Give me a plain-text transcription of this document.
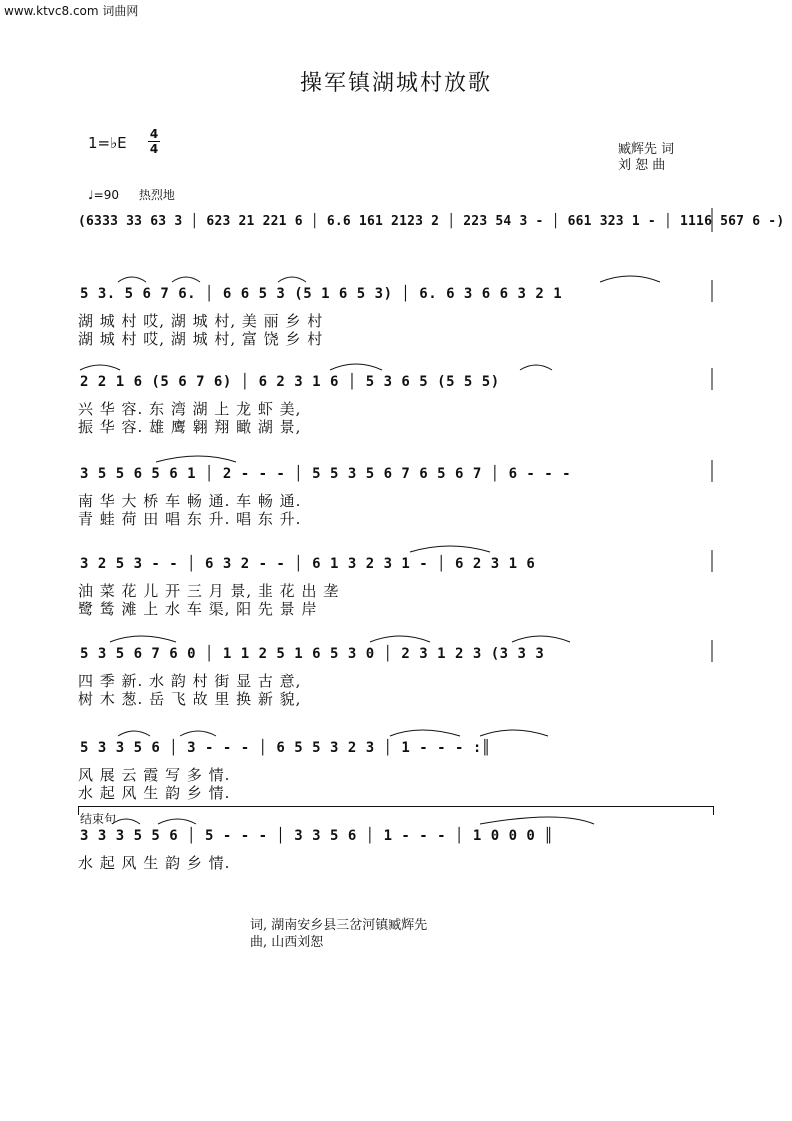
www.ktvc8.com 词曲网
操军镇湖城村放歌
1=♭E 4
4	臧辉先 词
刘 恕 曲
♩=90 热烈地
(6333 33 63 3 │ 623 21 221 6 │ 6.6 161 2123 2 │ 223 54 3 - │ 661 323 1 - │ 1116 567 6 -)
5 3. 5 6 7 6. │ 6 6 5 3 (5 1 6 5 3) │ 6. 6 3 6 6 3 2 1
湖 城 村 哎, 湖 城 村, 美 丽 乡 村
湖 城 村 哎, 湖 城 村, 富 饶 乡 村
2 2 1 6 (5 6 7 6) │ 6 2 3 1 6 │ 5 3 6 5 (5 5 5)
兴 华 容. 东 湾 湖 上 龙 虾 美,
振 华 容. 雄 鹰 翱 翔 瞰 湖 景,
3 5 5 6 5 6 1 │ 2 - - - │ 5 5 3 5 6 7 6 5 6 7 │ 6 - - -
南 华 大 桥 车 畅 通. 车 畅 通.
青 蛙 荷 田 唱 东 升. 唱 东 升.
3 2 5 3 - - │ 6 3 2 - - │ 6 1 3 2 3 1 - │ 6 2 3 1 6
油 菜 花 儿 开 三 月 景, 韭 花 出 垄
鹭 鸶 滩 上 水 车 渠, 阳 先 景 岸
5 3 5 6 7 6 0 │ 1 1 2 5 1 6 5 3 0 │ 2 3 1 2 3 (3 3 3
四 季 新. 水 韵 村 街 显 古 意,
树 木 葱. 岳 飞 故 里 换 新 貌,
5 3 3 5 6 │ 3 - - - │ 6 5 5 3 2 3 │ 1 - - - :║
风 展 云 霞 写 多 情.
水 起 风 生 韵 乡 情.
结束句
3 3 3 5 5 6 │ 5 - - - │ 3 3 5 6 │ 1 - - - │ 1 0 0 0 ║
水 起 风 生 韵 乡 情.
词, 湖南安乡县三岔河镇臧辉先
曲, 山西刘恕
